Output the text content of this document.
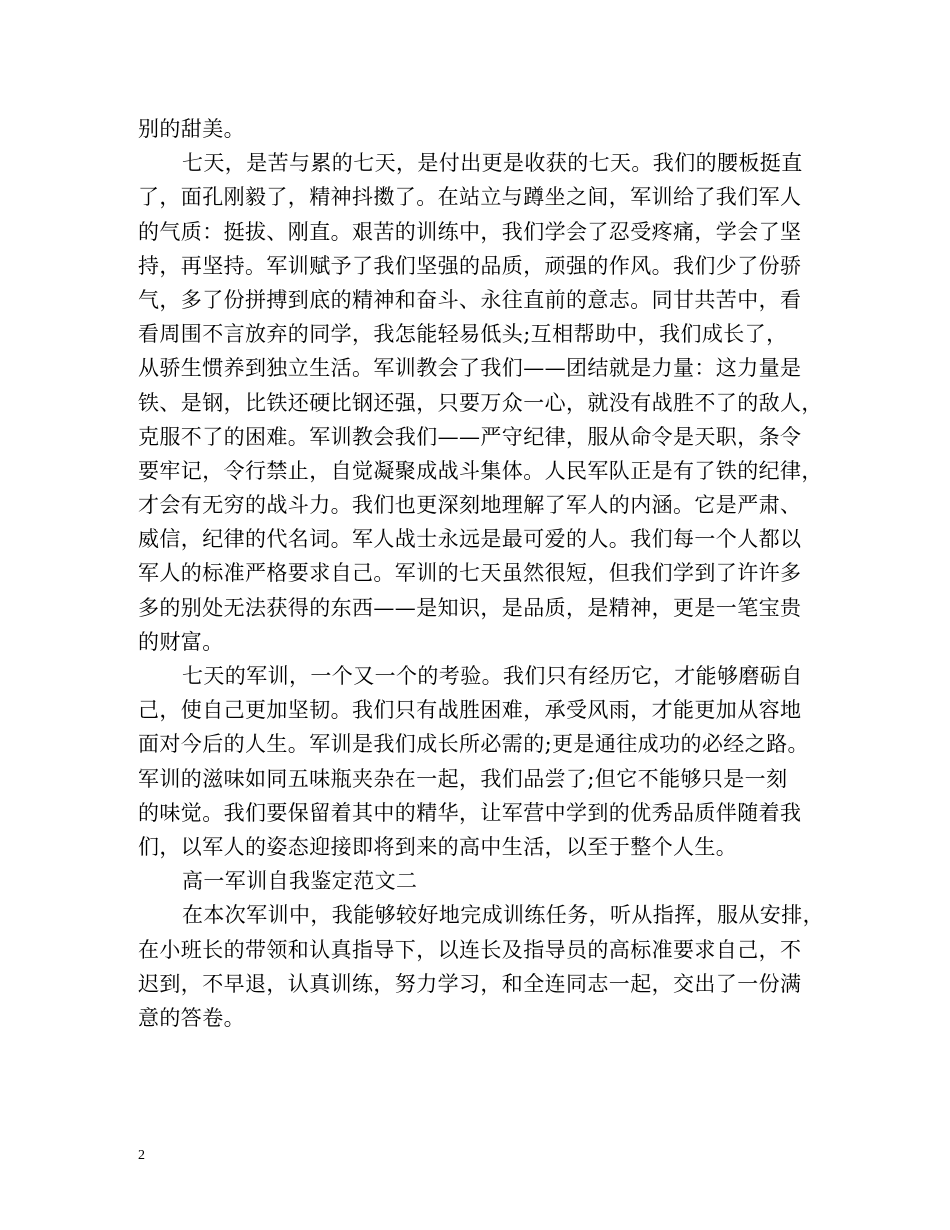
别的甜美。
七天，是苦与累的七天，是付出更是收获的七天。我们的腰板挺直
了，面孔刚毅了，精神抖擞了。在站立与蹲坐之间，军训给了我们军人
的气质：挺拔、刚直。艰苦的训练中，我们学会了忍受疼痛，学会了坚
持，再坚持。军训赋予了我们坚强的品质，顽强的作风。我们少了份骄
气，多了份拼搏到底的精神和奋斗、永往直前的意志。同甘共苦中，看
看周围不言放弃的同学，我怎能轻易低头;互相帮助中，我们成长了，
从骄生惯养到独立生活。军训教会了我们——团结就是力量：这力量是
铁、是钢，比铁还硬比钢还强，只要万众一心，就没有战胜不了的敌人，
克服不了的困难。军训教会我们——严守纪律，服从命令是天职，条令
要牢记，令行禁止，自觉凝聚成战斗集体。人民军队正是有了铁的纪律，
才会有无穷的战斗力。我们也更深刻地理解了军人的内涵。它是严肃、
威信，纪律的代名词。军人战士永远是最可爱的人。我们每一个人都以
军人的标准严格要求自己。军训的七天虽然很短，但我们学到了许许多
多的别处无法获得的东西——是知识，是品质，是精神，更是一笔宝贵
的财富。
七天的军训，一个又一个的考验。我们只有经历它，才能够磨砺自
己，使自己更加坚韧。我们只有战胜困难，承受风雨，才能更加从容地
面对今后的人生。军训是我们成长所必需的;更是通往成功的必经之路。
军训的滋味如同五味瓶夹杂在一起，我们品尝了;但它不能够只是一刻
的味觉。我们要保留着其中的精华，让军营中学到的优秀品质伴随着我
们，以军人的姿态迎接即将到来的高中生活，以至于整个人生。
高一军训自我鉴定范文二
在本次军训中，我能够较好地完成训练任务，听从指挥，服从安排，
在小班长的带领和认真指导下，以连长及指导员的高标准要求自己，不
迟到，不早退，认真训练，努力学习，和全连同志一起，交出了一份满
意的答卷。
2
